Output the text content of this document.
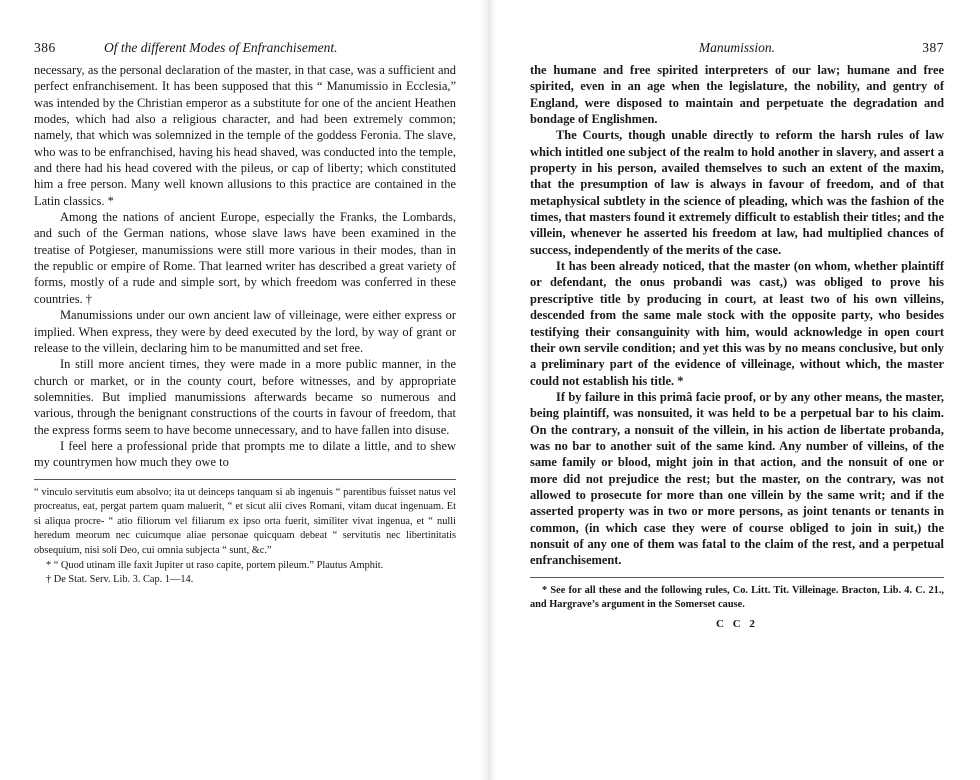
386	Of the different Modes of Enfranchisement.

necessary, as the personal declaration of the master, in that case, was a sufficient and perfect enfranchisement. It has been supposed that this “ Manumissio in Ecclesia,” was intended by the Christian emperor as a substitute for one of the ancient Heathen modes, which had also a religious character, and had been extremely common; namely, that which was solemnized in the temple of the goddess Feronia. The slave, who was to be enfranchised, having his head shaved, was conducted into the temple, and there had his head covered with the pileus, or cap of liberty; which constituted him a free person. Many well known allusions to this practice are contained in the Latin classics. *

Among the nations of ancient Europe, especially the Franks, the Lombards, and such of the German nations, whose slave laws have been examined in the treatise of Potgieser, manumissions were still more various in their modes, than in the republic or empire of Rome. That learned writer has described a great variety of forms, mostly of a rude and simple sort, by which freedom was conferred in these countries. †

Manumissions under our own ancient law of villeinage, were either express or implied. When express, they were by deed executed by the lord, by way of grant or release to the villein, declaring him to be manumitted and set free.

In still more ancient times, they were made in a more public manner, in the church or market, or in the county court, before witnesses, and by appropriate solemnities. But implied manumissions afterwards became so numerous and various, through the benignant constructions of the courts in favour of freedom, that the express forms seem to have become unnecessary, and to have fallen into disuse.

I feel here a professional pride that prompts me to dilate a little, and to shew my countrymen how much they owe to

“ vinculo servitutis eum absolvo; ita ut deinceps tanquam si ab ingenuis “ parentibus fuisset natus vel procreatus, eat, pergat partem quam maluerit, “ et sicut alii cives Romani, vitam ducat ingenuam. Et si aliqua procre- “ atio filiorum vel filiarum ex ipso orta fuerit, similiter vivat ingenua, et “ nulli heredum meorum nec cuicumque aliae personae quicquam debeat “ servitutis nec libertinitatis obsequium, nisi soli Deo, cui omnia subjecta “ sunt, &c.”

* “ Quod utinam ille faxit Jupiter ut raso capite, portem pileum.” Plautus Amphit.

† De Stat. Serv. Lib. 3. Cap. 1—14.

Manumission.	387

the humane and free spirited interpreters of our law; humane and free spirited, even in an age when the legislature, the nobility, and gentry of England, were disposed to maintain and perpetuate the degradation and bondage of Englishmen.

The Courts, though unable directly to reform the harsh rules of law which intitled one subject of the realm to hold another in slavery, and assert a property in his person, availed themselves to such an extent of the maxim, that the presumption of law is always in favour of freedom, and of that metaphysical subtlety in the science of pleading, which was the fashion of the times, that masters found it extremely difficult to establish their titles; and the villein, whenever he asserted his freedom at law, had multiplied chances of success, independently of the merits of the case.

It has been already noticed, that the master (on whom, whether plaintiff or defendant, the onus probandi was cast,) was obliged to prove his prescriptive title by producing in court, at least two of his own villeins, descended from the same male stock with the opposite party, who besides testifying their consanguinity with him, would acknowledge in open court their own servile condition; and yet this was by no means conclusive, but only a preliminary part of the evidence of villeinage, without which, the master could not establish his title. *

If by failure in this primâ facie proof, or by any other means, the master, being plaintiff, was nonsuited, it was held to be a perpetual bar to his claim. On the contrary, a nonsuit of the villein, in his action de libertate probanda, was no bar to another suit of the same kind. Any number of villeins, of the same family or blood, might join in that action, and the nonsuit of one or more did not prejudice the rest; but the master, on the contrary, was not allowed to prosecute for more than one villein by the same writ; and if the asserted property was in two or more persons, as joint tenants or tenants in common, (in which case they were of course obliged to join in suit,) the nonsuit of any one of them was fatal to the claim of the rest, and a perpetual enfranchisement.

* See for all these and the following rules, Co. Litt. Tit. Villeinage. Bracton, Lib. 4. C. 21., and Hargrave’s argument in the Somerset cause.

C C 2
